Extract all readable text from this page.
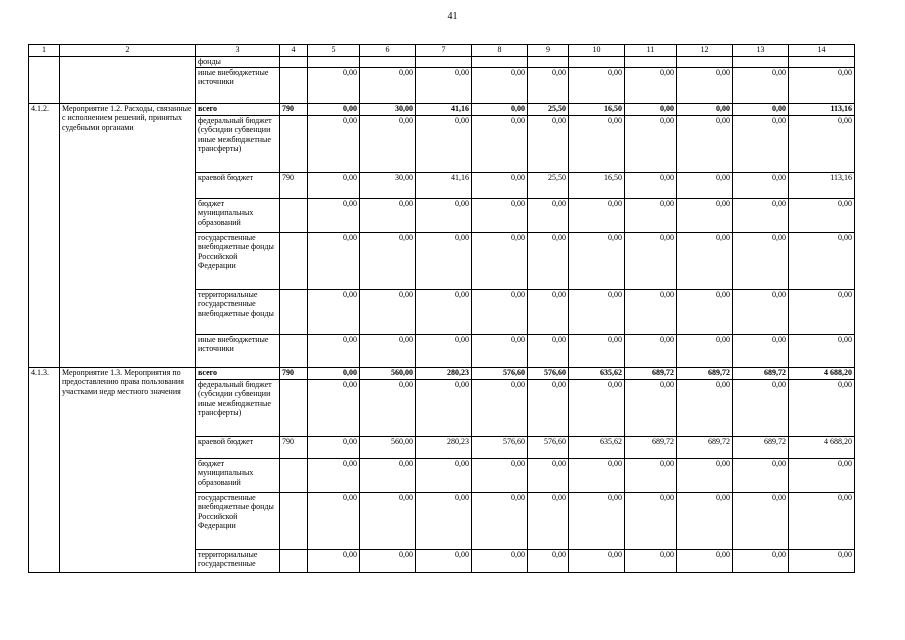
41
1	2	3	4	5	6	7	8	9	10	11	12	13	14
		фонды											
		иные внебюджетные источники		0,00	0,00	0,00	0,00	0,00	0,00	0,00	0,00	0,00	0,00
4.1.2.	Мероприятие 1.2. Расходы, связанные с исполнением решений, принятых судебными органами	всего	790	0,00	30,00	41,16	0,00	25,50	16,50	0,00	0,00	0,00	113,16
		федеральный бюджет (субсидии субвенции иные межбюджетные трансферты)		0,00	0,00	0,00	0,00	0,00	0,00	0,00	0,00	0,00	0,00
		краевой бюджет	790	0,00	30,00	41,16	0,00	25,50	16,50	0,00	0,00	0,00	113,16
		бюджет муниципальных образований		0,00	0,00	0,00	0,00	0,00	0,00	0,00	0,00	0,00	0,00
		государственные внебюджетные фонды Российской Федерации		0,00	0,00	0,00	0,00	0,00	0,00	0,00	0,00	0,00	0,00
		территориальные государственные внебюджетные фонды		0,00	0,00	0,00	0,00	0,00	0,00	0,00	0,00	0,00	0,00
		иные внебюджетные источники		0,00	0,00	0,00	0,00	0,00	0,00	0,00	0,00	0,00	0,00
4.1.3.	Мероприятие 1.3. Мероприятия по предоставлению права пользования участками недр местного значения	всего	790	0,00	560,00	280,23	576,60	576,60	635,62	689,72	689,72	689,72	4 688,20
		федеральный бюджет (субсидии субвенции иные межбюджетные трансферты)		0,00	0,00	0,00	0,00	0,00	0,00	0,00	0,00	0,00	0,00
		краевой бюджет	790	0,00	560,00	280,23	576,60	576,60	635,62	689,72	689,72	689,72	4 688,20
		бюджет муниципальных образований		0,00	0,00	0,00	0,00	0,00	0,00	0,00	0,00	0,00	0,00
		государственные внебюджетные фонды Российской Федерации		0,00	0,00	0,00	0,00	0,00	0,00	0,00	0,00	0,00	0,00
		территориальные государственные		0,00	0,00	0,00	0,00	0,00	0,00	0,00	0,00	0,00	0,00
